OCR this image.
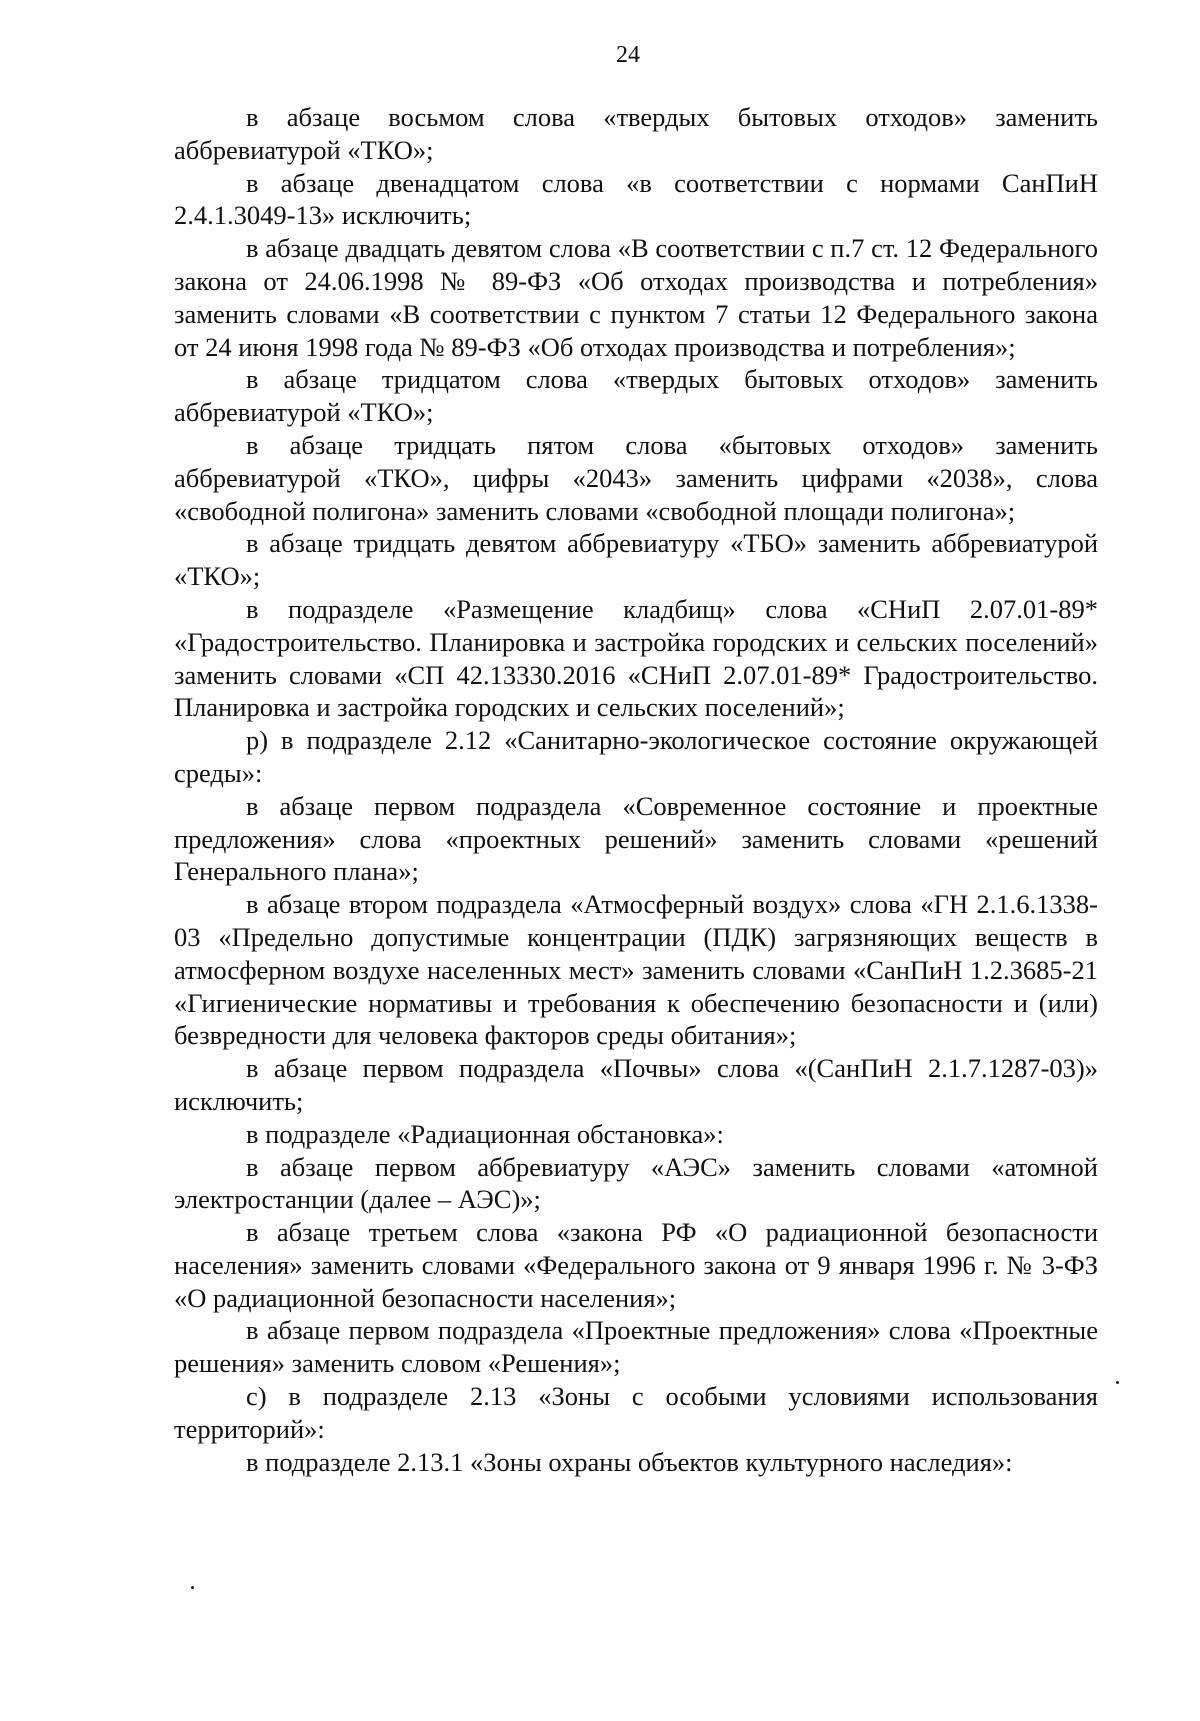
24

в абзаце восьмом слова «твердых бытовых отходов» заменить аббревиатурой «ТКО»;

в абзаце двенадцатом слова «в соответствии с нормами СанПиН 2.4.1.3049-13» исключить;

в абзаце двадцать девятом слова «В соответствии с п.7 ст. 12 Федерального закона от 24.06.1998 № 89-ФЗ «Об отходах производства и потребления» заменить словами «В соответствии с пунктом 7 статьи 12 Федерального закона от 24 июня 1998 года № 89-ФЗ «Об отходах производства и потребления»;

в абзаце тридцатом слова «твердых бытовых отходов» заменить аббревиатурой «ТКО»;

в абзаце тридцать пятом слова «бытовых отходов» заменить аббревиатурой «ТКО», цифры «2043» заменить цифрами «2038», слова «свободной полигона» заменить словами «свободной площади полигона»;

в абзаце тридцать девятом аббревиатуру «ТБО» заменить аббревиатурой «ТКО»;

в подразделе «Размещение кладбищ» слова «СНиП 2.07.01-89* «Градостроительство. Планировка и застройка городских и сельских поселений» заменить словами «СП 42.13330.2016 «СНиП 2.07.01-89* Градостроительство. Планировка и застройка городских и сельских поселений»;

р) в подразделе 2.12 «Санитарно-экологическое состояние окружающей среды»:

в абзаце первом подраздела «Современное состояние и проектные предложения» слова «проектных решений» заменить словами «решений Генерального плана»;

в абзаце втором подраздела «Атмосферный воздух» слова «ГН 2.1.6.1338-03 «Предельно допустимые концентрации (ПДК) загрязняющих веществ в атмосферном воздухе населенных мест» заменить словами «СанПиН 1.2.3685-21 «Гигиенические нормативы и требования к обеспечению безопасности и (или) безвредности для человека факторов среды обитания»;

в абзаце первом подраздела «Почвы» слова «(СанПиН 2.1.7.1287-03)» исключить;

в подразделе «Радиационная обстановка»:

в абзаце первом аббревиатуру «АЭС» заменить словами «атомной электростанции (далее – АЭС)»;

в абзаце третьем слова «закона РФ «О радиационной безопасности населения» заменить словами «Федерального закона от 9 января 1996 г. № 3-ФЗ «О радиационной безопасности населения»;

в абзаце первом подраздела «Проектные предложения» слова «Проектные решения» заменить словом «Решения»;

с) в подразделе 2.13 «Зоны с особыми условиями использования территорий»:

в подразделе 2.13.1 «Зоны охраны объектов культурного наследия»:
